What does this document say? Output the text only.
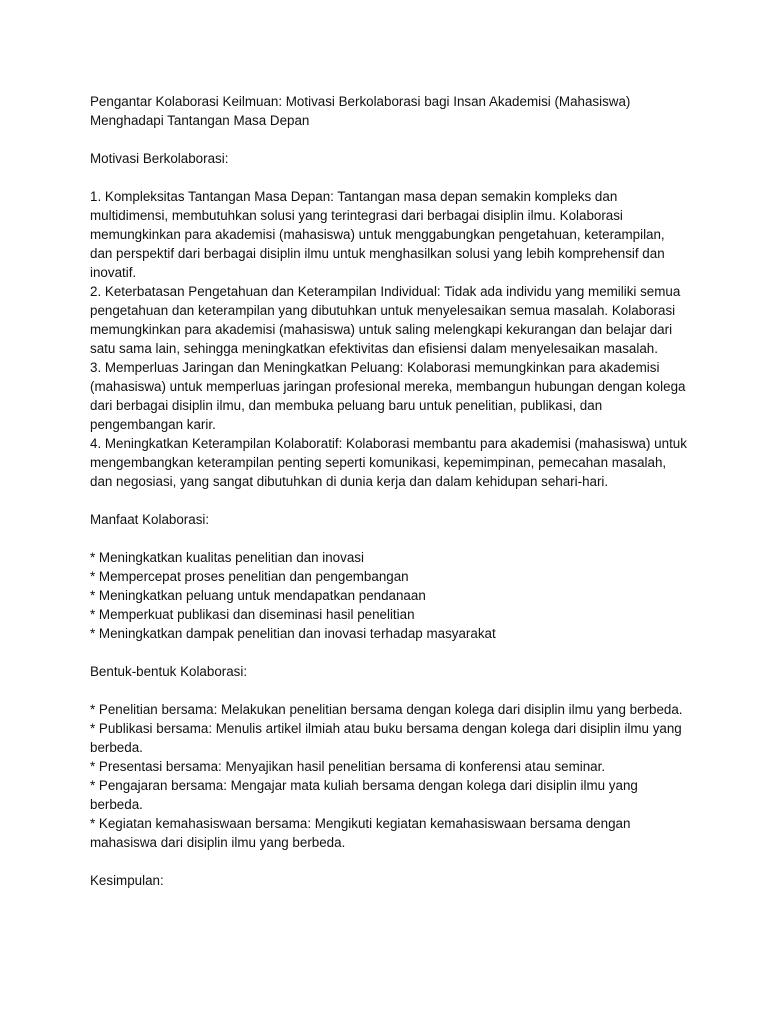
Pengantar Kolaborasi Keilmuan: Motivasi Berkolaborasi bagi Insan Akademisi (Mahasiswa) Menghadapi Tantangan Masa Depan

Motivasi Berkolaborasi:

1. Kompleksitas Tantangan Masa Depan: Tantangan masa depan semakin kompleks dan multidimensi, membutuhkan solusi yang terintegrasi dari berbagai disiplin ilmu. Kolaborasi memungkinkan para akademisi (mahasiswa) untuk menggabungkan pengetahuan, keterampilan, dan perspektif dari berbagai disiplin ilmu untuk menghasilkan solusi yang lebih komprehensif dan inovatif.

2. Keterbatasan Pengetahuan dan Keterampilan Individual: Tidak ada individu yang memiliki semua pengetahuan dan keterampilan yang dibutuhkan untuk menyelesaikan semua masalah. Kolaborasi memungkinkan para akademisi (mahasiswa) untuk saling melengkapi kekurangan dan belajar dari satu sama lain, sehingga meningkatkan efektivitas dan efisiensi dalam menyelesaikan masalah.

3. Memperluas Jaringan dan Meningkatkan Peluang: Kolaborasi memungkinkan para akademisi (mahasiswa) untuk memperluas jaringan profesional mereka, membangun hubungan dengan kolega dari berbagai disiplin ilmu, dan membuka peluang baru untuk penelitian, publikasi, dan pengembangan karir.

4. Meningkatkan Keterampilan Kolaboratif: Kolaborasi membantu para akademisi (mahasiswa) untuk mengembangkan keterampilan penting seperti komunikasi, kepemimpinan, pemecahan masalah, dan negosiasi, yang sangat dibutuhkan di dunia kerja dan dalam kehidupan sehari-hari.

Manfaat Kolaborasi:

* Meningkatkan kualitas penelitian dan inovasi

* Mempercepat proses penelitian dan pengembangan

* Meningkatkan peluang untuk mendapatkan pendanaan

* Memperkuat publikasi dan diseminasi hasil penelitian

* Meningkatkan dampak penelitian dan inovasi terhadap masyarakat

Bentuk-bentuk Kolaborasi:

* Penelitian bersama: Melakukan penelitian bersama dengan kolega dari disiplin ilmu yang berbeda.

* Publikasi bersama: Menulis artikel ilmiah atau buku bersama dengan kolega dari disiplin ilmu yang berbeda.

* Presentasi bersama: Menyajikan hasil penelitian bersama di konferensi atau seminar.

* Pengajaran bersama: Mengajar mata kuliah bersama dengan kolega dari disiplin ilmu yang berbeda.

* Kegiatan kemahasiswaan bersama: Mengikuti kegiatan kemahasiswaan bersama dengan mahasiswa dari disiplin ilmu yang berbeda.

Kesimpulan:
